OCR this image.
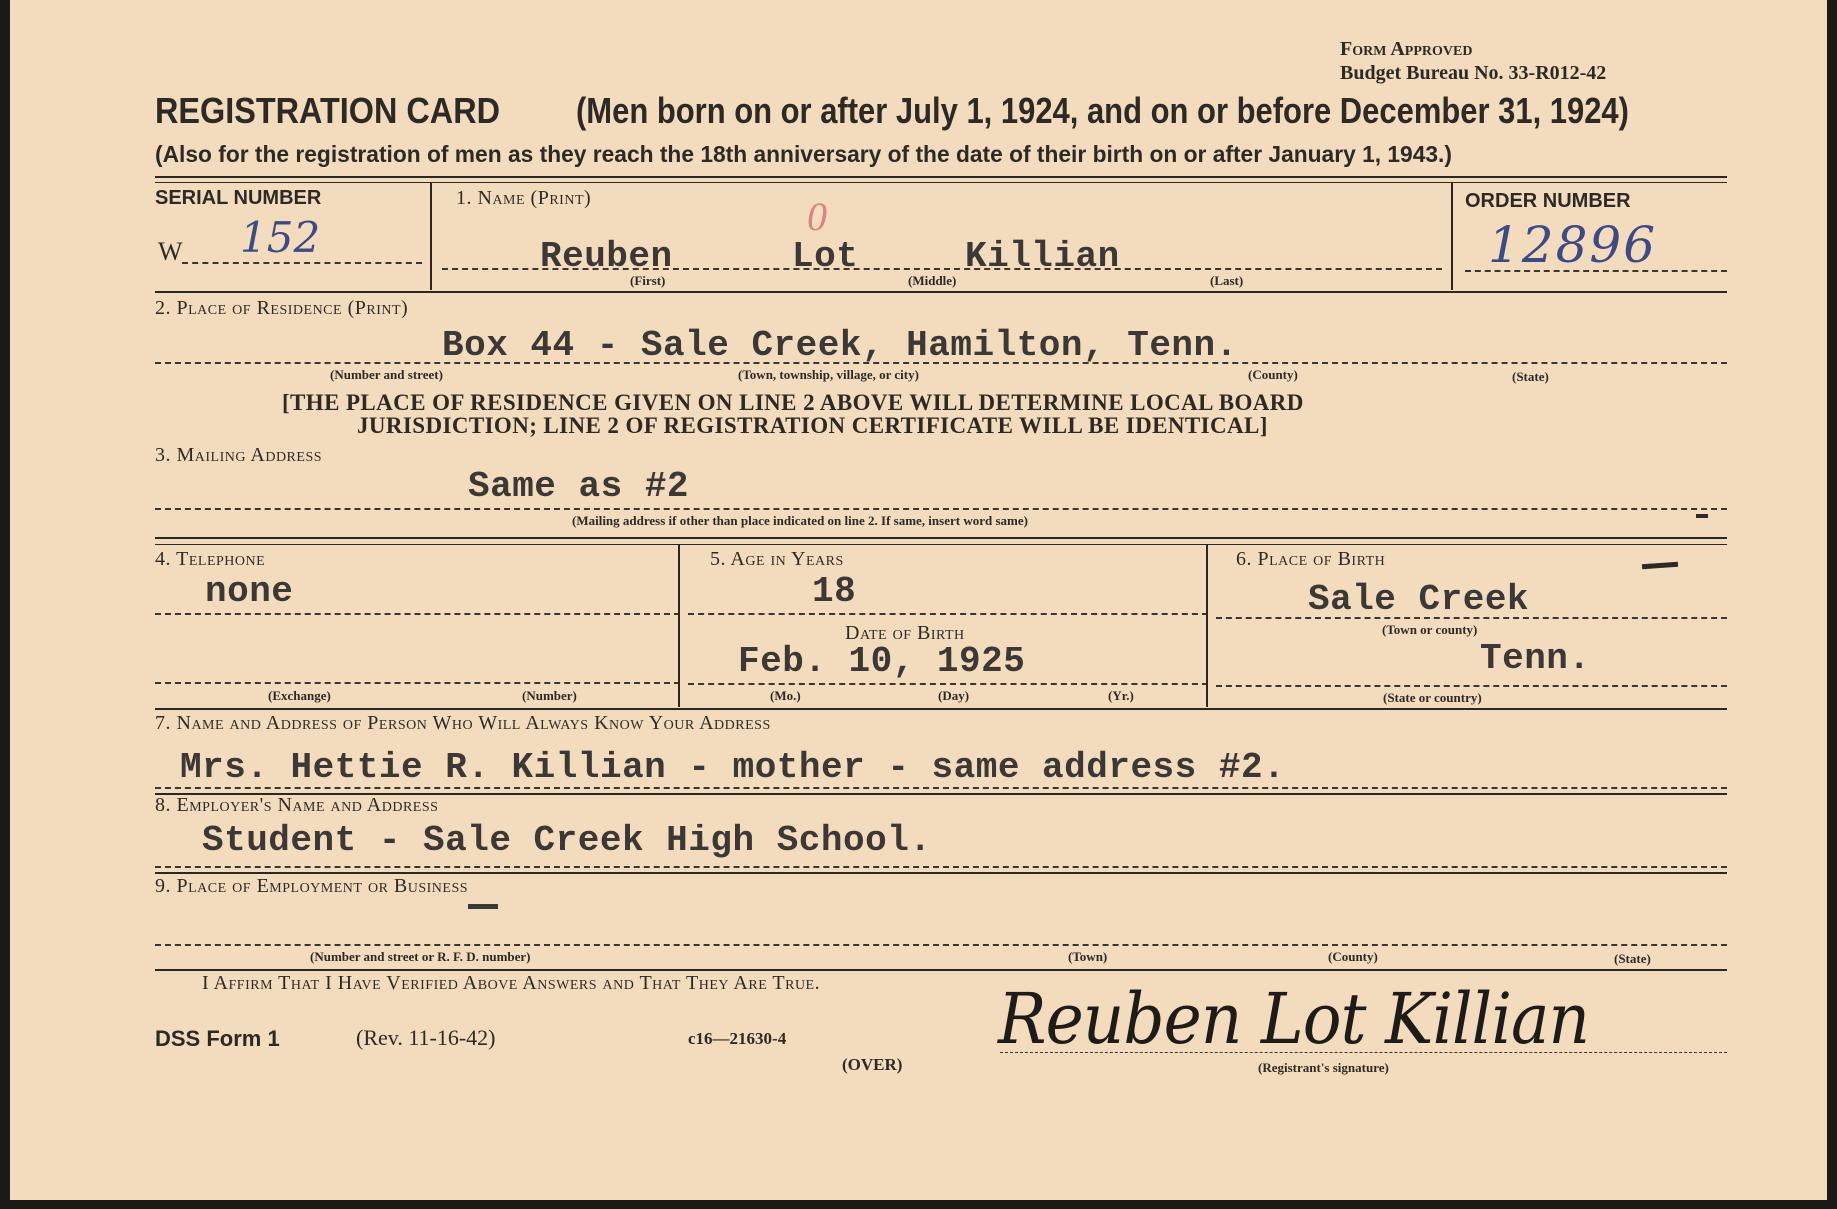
Form Approved
Budget Bureau No. 33-R012-42
REGISTRATION CARD (Men born on or after July 1, 1924, and on or before December 31, 1924)
(Also for the registration of men as they reach the 18th anniversary of the date of their birth on or after January 1, 1943.)
SERIAL NUMBER
W 152
1. Name (Print)	0
Reuben	Lot	Killian
(First)	(Middle)	(Last)
ORDER NUMBER
12896
2. Place of Residence (Print)
Box 44 - Sale Creek, Hamilton, Tenn.
(Number and street)	(Town, township, village, or city)	(County)	(State)
[THE PLACE OF RESIDENCE GIVEN ON LINE 2 ABOVE WILL DETERMINE LOCAL BOARD
JURISDICTION; LINE 2 OF REGISTRATION CERTIFICATE WILL BE IDENTICAL]
3. Mailing Address
Same as #2
(Mailing address if other than place indicated on line 2. If same, insert word same)
4. Telephone
none
(Exchange)	(Number)
5. Age in Years
18
Date of Birth
Feb. 10, 1925
(Mo.)	(Day)	(Yr.)
6. Place of Birth
Sale Creek
(Town or county)
Tenn.
(State or country)
7. Name and Address of Person Who Will Always Know Your Address
Mrs. Hettie R. Killian - mother - same address #2.
8. Employer's Name and Address
Student - Sale Creek High School.
9. Place of Employment or Business
(Number and street or R. F. D. number)	(Town)	(County)	(State)
I Affirm That I Have Verified Above Answers and That They Are True.
DSS Form 1	(Rev. 11-16-42)	c16—21630-4
(OVER)
Reuben Lot Killian
(Registrant's signature)
